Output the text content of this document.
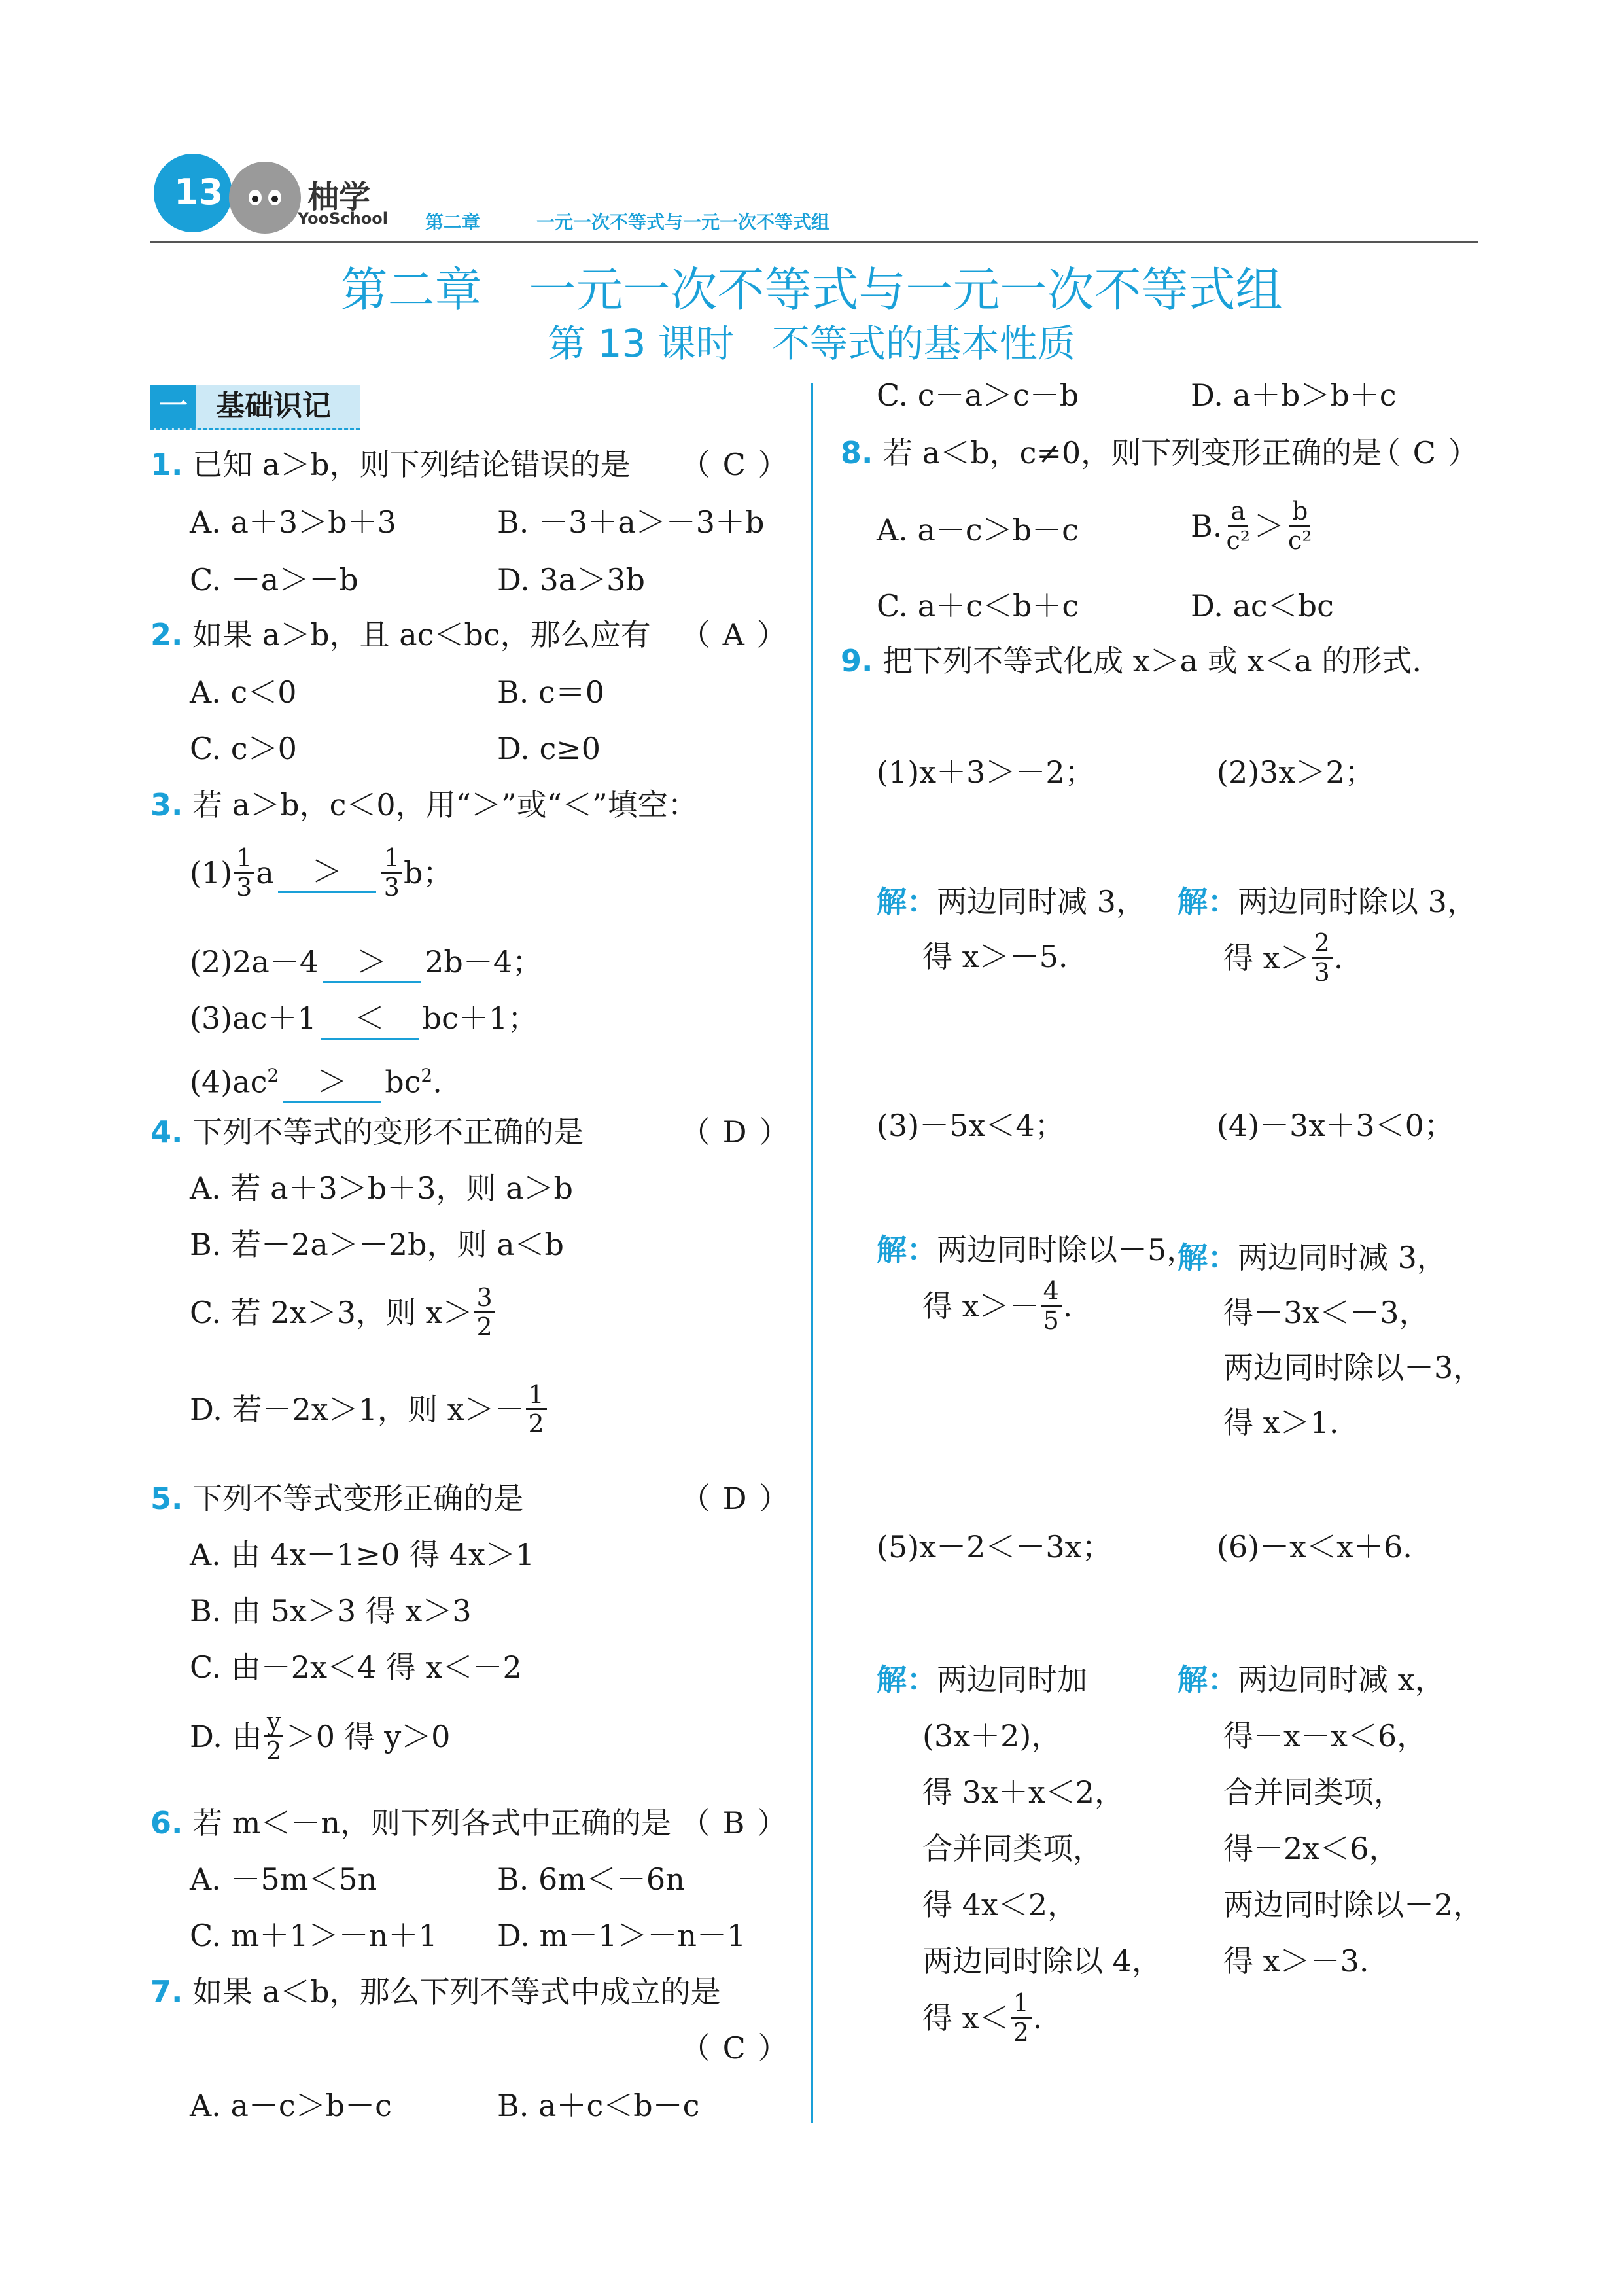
13	柚学
YooSchool 第二章	一元一次不等式与一元一次不等式组
第二章　一元一次不等式与一元一次不等式组
第 13 课时　不等式的基本性质
一 基础识记
1. 已知 a＞b，则下列结论错误的是 （ C ）
A. a＋3＞b＋3	B. －3＋a＞－3＋b
C. －a＞－b	D. 3a＞3b
2. 如果 a＞b，且 ac＜bc，那么应有 （ A ）
A. c＜0	B. c＝0
C. c＞0	D. c≥0
3. 若 a＞b，c＜0，用“＞”或“＜”填空：
$(1) \frac{1}{3}$ a	＞	$\frac{1}{3}$ b；
(2)2a－4 ＞ 2b－4；
(3)ac＋1 ＜ bc＋1；
$(4)ac^2 > bc^2$.
4. 下列不等式的变形不正确的是	（ D ）
A. 若 a＋3＞b＋3，则 a＞b
B. 若－2a＞－2b，则 a＜b
C. 若 2x＞3，则 $x> \frac{3}{2}$
D. 若－2x＞1，则 $x>- \frac{1}{2}$
5. 下列不等式变形正确的是	（ D ）
A. 由 4x－1≥0 得 4x＞1
B. 由 5x＞3 得 x＞3
C. 由－2x＜4 得 x＜－2
D. 由 $\frac{y}{2} >0$ 得 y＞0
6. 若 m＜－n，则下列各式中正确的是 （ B ）
A. －5m＜5n	B. 6m＜－6n
C. m＋1＞－n＋1 D. m－1＞－n－1
7. 如果 a＜b，那么下列不等式中成立的是
（ C ）
A. a－c＞b－c	B. a＋c＜b－c
C. c－a＞c－b	D. a＋b＞b＋c
8. 若 a＜b，c≠0，则下列变形正确的是
（ C ）
A. a－c＞b－c	B. $\frac{a}{\text{c²}} > \frac{b}{\text{c²}}$
C. a＋c＜b＋c	D. ac＜bc
9. 把下列不等式化成 x＞a 或 x＜a 的形式.
(1)x＋3＞－2；	(2)3x＞2；
解：两边同时减 3，
得 x＞－5.
解：两边同时除以 3，
得 $x> \frac{2}{3}$ .
(3)－5x＜4；	(4)－3x＋3＜0；
解：两边同时除以－5，
得 $x>- \frac{4}{5}$ .
解：两边同时减 3，
得－3x＜－3，
两边同时除以－3，
得 x＞1.
(5)x－2＜－3x；	(6)－x＜x＋6.
解：两边同时加
(3x＋2)，
得 3x＋x＜2，
合并同类项，
得 4x＜2，
两边同时除以 4，
得 $x< \frac{1}{2}$ .
解：两边同时减 x，
得－x－x＜6，
合并同类项，
得－2x＜6，
两边同时除以－2，
得 x＞－3.
